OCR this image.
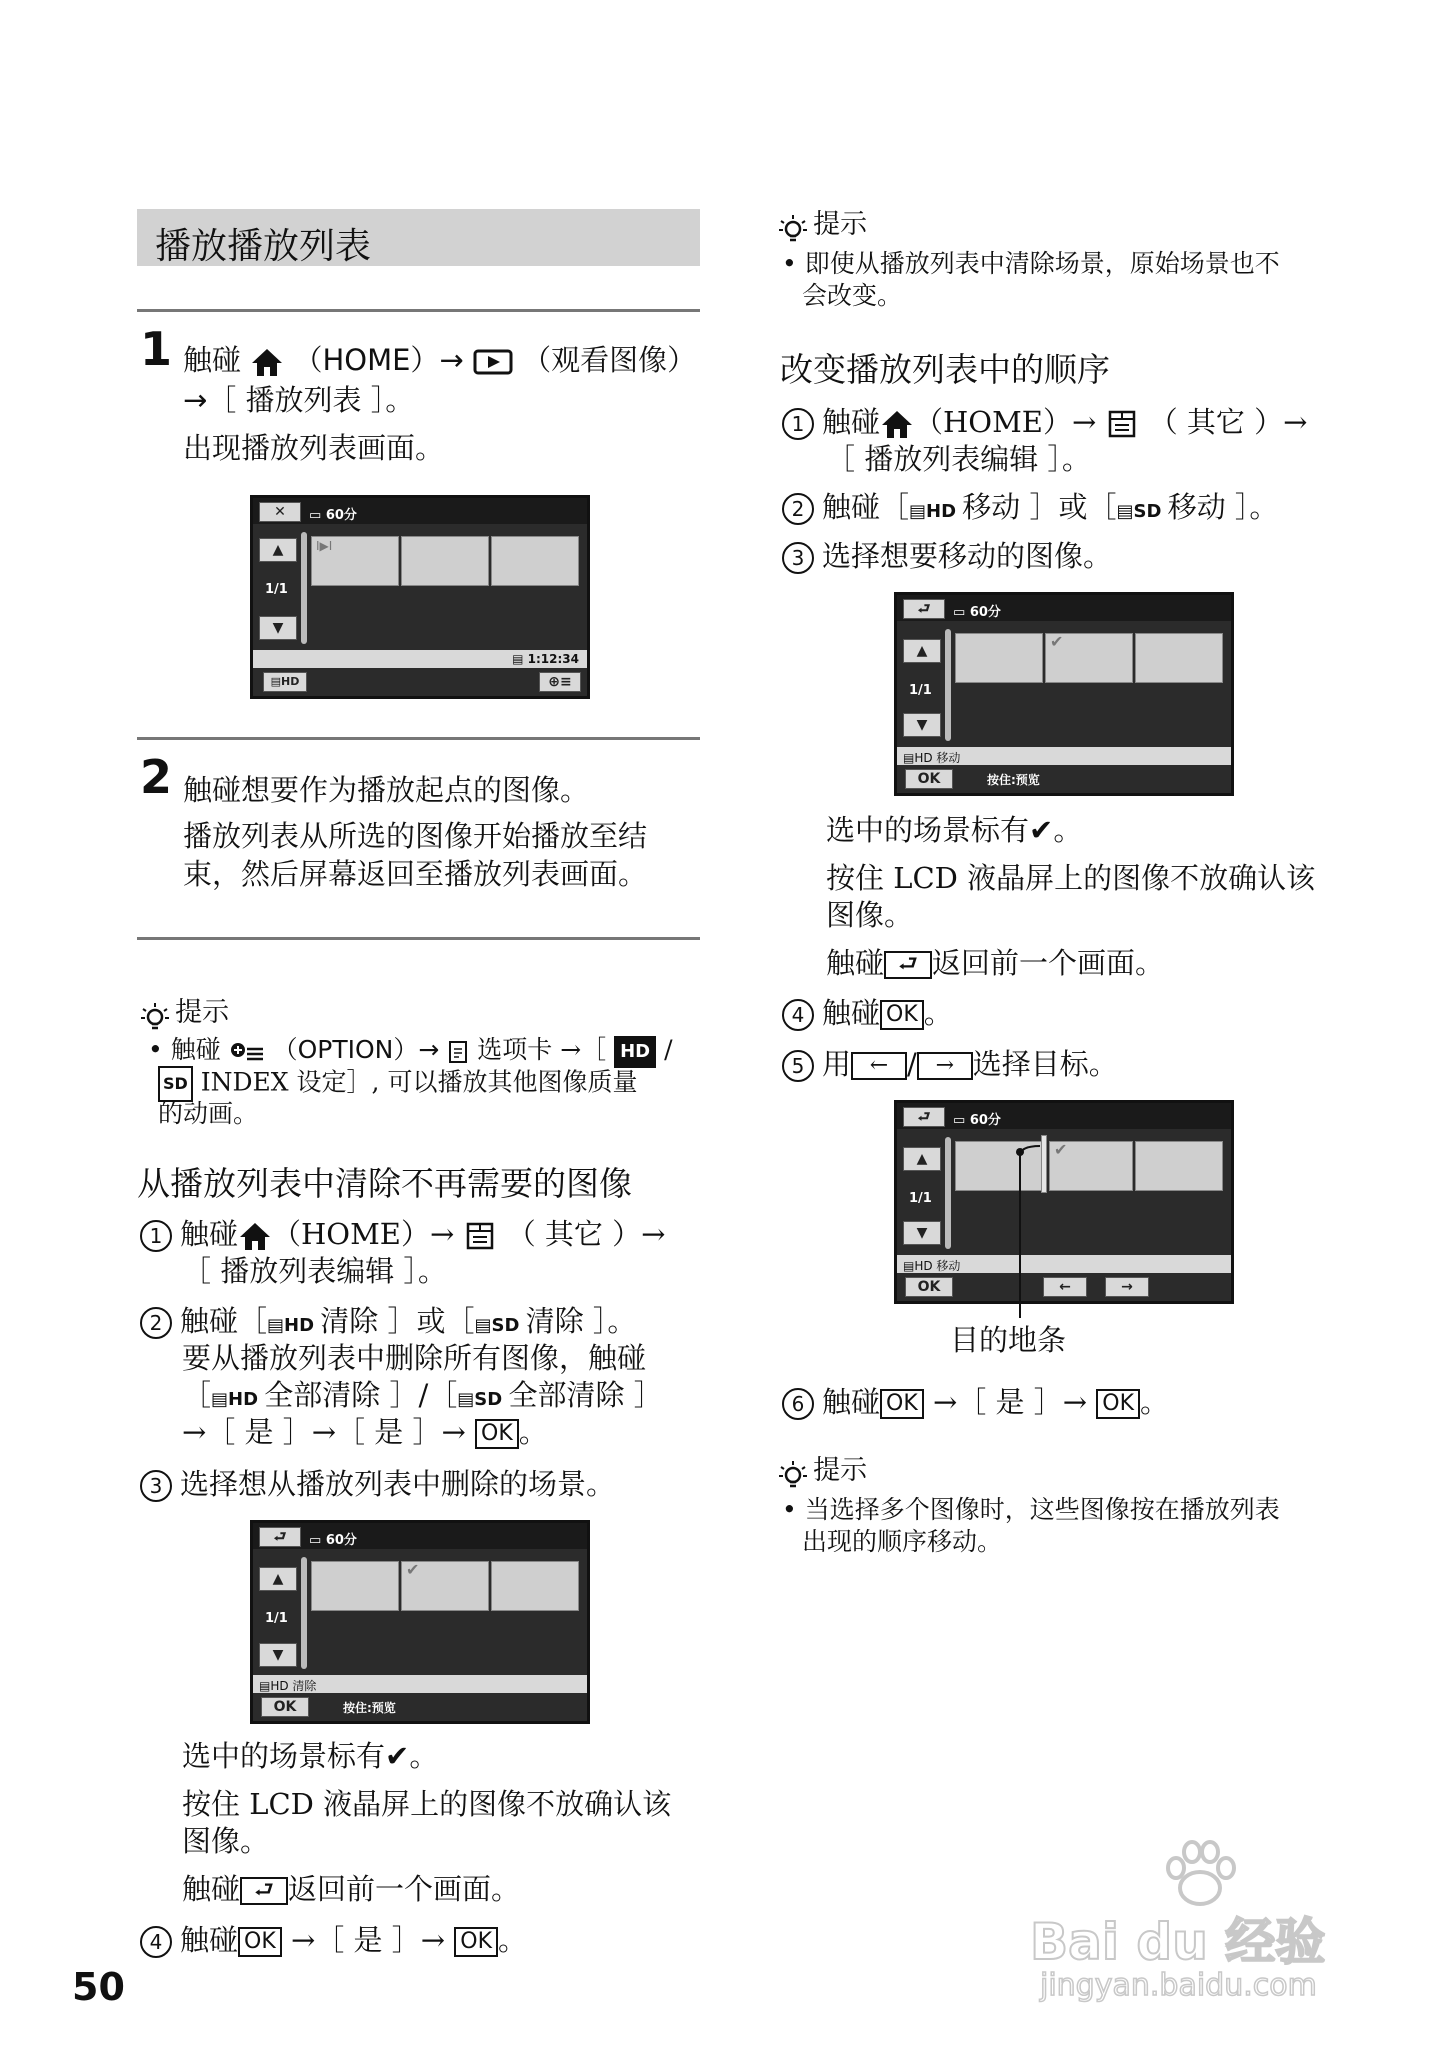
播放播放列表
1 触碰 （HOME）→ （观看图像）
→［ 播放列表 ］。
出现播放列表画面。
✕	▭ 60分
▲
1/1
▼
I▶I
▤ 1:12:34
▤HD	⊕≡
2 触碰想要作为播放起点的图像。
播放列表从所选的图像开始播放至结
束，然后屏幕返回至播放列表画面。
提示
• 触碰 （OPTION）→ 选项卡 →［ HD /
SD INDEX 设定］, 可以播放其他图像质量
的动画。
从播放列表中清除不再需要的图像
1 触碰 （HOME）→ （ 其它 ）→
［ 播放列表编辑 ］。
2 触碰［▤HD 清除 ］或［▤SD 清除 ］。
要从播放列表中删除所有图像，触碰
［▤HD 全部清除 ］/［▤SD 全部清除 ］
→［ 是 ］→［ 是 ］→ OK 。
3 选择想从播放列表中删除的场景。
⮐	▭ 60分
▲
1/1
▼
✔
▤HD 清除
OK	按住:预览
选中的场景标有✔。
按住 LCD 液晶屏上的图像不放确认该
图像。
触碰 ⮐ 返回前一个画面。
4 触碰 OK →［ 是 ］→ OK 。
50
提示
• 即使从播放列表中清除场景，原始场景也不
会改变。
改变播放列表中的顺序
1 触碰 （HOME）→ （ 其它 ）→
［ 播放列表编辑 ］。
2 触碰［▤HD 移动 ］或［▤SD 移动 ］。
3 选择想要移动的图像。
⮐	▭ 60分
▲
1/1
▼
✔
▤HD 移动
OK	按住:预览
选中的场景标有✔。
按住 LCD 液晶屏上的图像不放确认该
图像。
触碰 ⮐ 返回前一个画面。
4 触碰 OK 。
5 用 ← / → 选择目标。
⮐	▭ 60分
▲
1/1
▼
✔
▤HD 移动
OK	←	→
目的地条
6 触碰 OK →［ 是 ］→ OK 。
提示
• 当选择多个图像时，这些图像按在播放列表
出现的顺序移动。
Bai du 经验
jingyan.baidu.com
